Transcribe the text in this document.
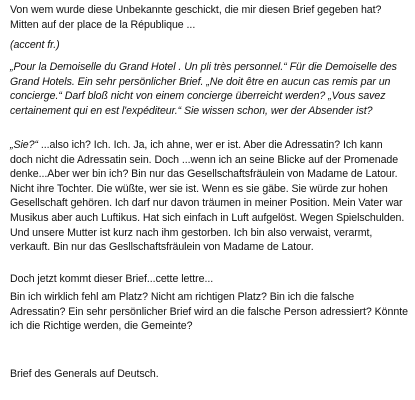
Von wem wurde diese Unbekannte geschickt, die mir diesen Brief gegeben hat? Mitten auf der place de la République ...

(accent fr.)

„Pour la Demoiselle du Grand Hotel . Un pli très personnel.“ Für die Demoiselle des Grand Hotels. Ein sehr persönlicher Brief. „Ne doit être en aucun cas remis par un concierge.“ Darf bloß nicht von einem concierge überreicht werden? „Vous savez certainement qui en est l'expéditeur.“ Sie wissen schon, wer der Absender ist?

„Sie?“ ...also ich? Ich. Ich. Ja, ich ahne, wer er ist. Aber die Adressatin? Ich kann doch nicht die Adressatin sein. Doch ...wenn ich an seine Blicke auf der Promenade denke...Aber wer bin ich? Bin nur das Gesellschaftsfräulein von Madame de Latour. Nicht ihre Tochter. Die wüßte, wer sie ist. Wenn es sie gäbe. Sie würde zur hohen Gesellschaft gehören. Ich darf nur davon träumen in meiner Position. Mein Vater war Musikus aber auch Luftikus. Hat sich einfach in Luft aufgelöst. Wegen Spielschulden. Und unsere Mutter ist kurz nach ihm gestorben. Ich bin also verwaist, verarmt, verkauft. Bin nur das Gesllschaftsfräulein von Madame de Latour.

Doch jetzt kommt dieser Brief...cette lettre...

Bin ich wirklich fehl am Platz? Nicht am richtigen Platz? Bin ich die falsche Adressatin? Ein sehr persönlicher Brief wird an die falsche Person adressiert? Könnte ich die Richtige werden, die Gemeinte?

Brief des Generals auf Deutsch.
